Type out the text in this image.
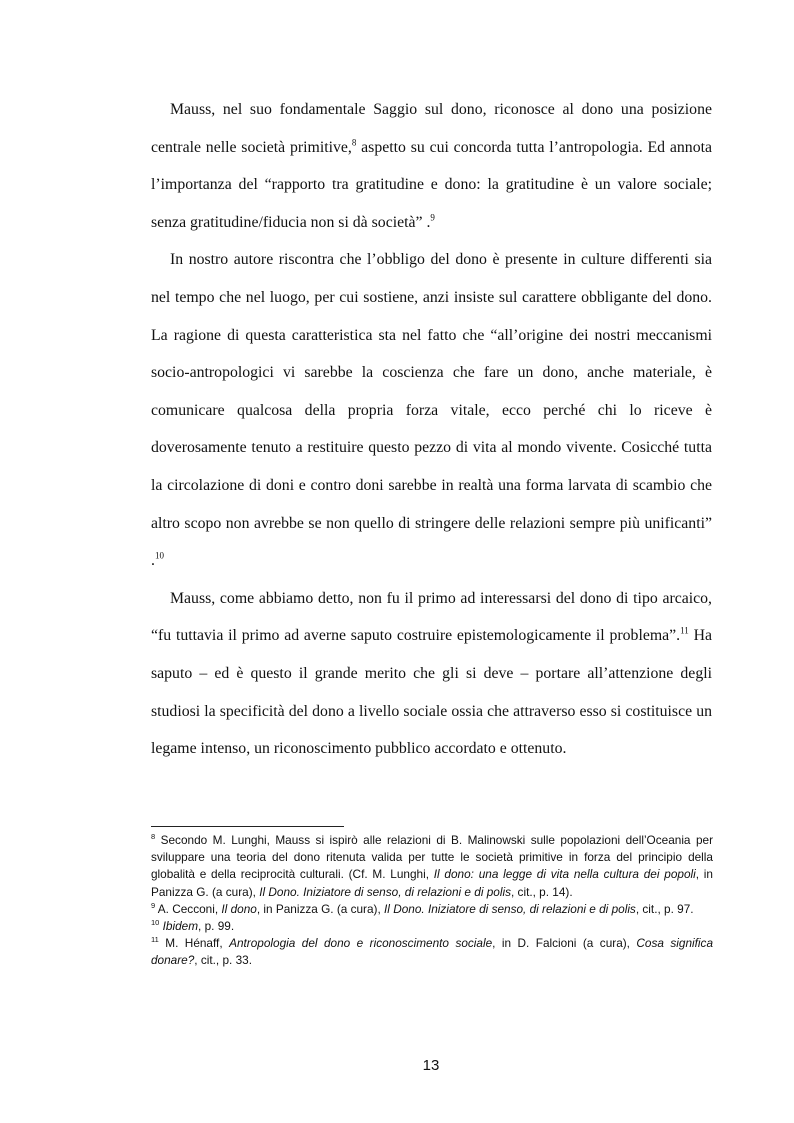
Mauss, nel suo fondamentale Saggio sul dono, riconosce al dono una posizione centrale nelle società primitive,$^8$ aspetto su cui concorda tutta l’antropologia. Ed annota l’importanza del “rapporto tra gratitudine e dono: la gratitudine è un valore sociale; senza gratitudine/fiducia non si dà società” .$^9$

In nostro autore riscontra che l’obbligo del dono è presente in culture differenti sia nel tempo che nel luogo, per cui sostiene, anzi insiste sul carattere obbligante del dono. La ragione di questa caratteristica sta nel fatto che “all’origine dei nostri meccanismi socio-antropologici vi sarebbe la coscienza che fare un dono, anche materiale, è comunicare qualcosa della propria forza vitale, ecco perché chi lo riceve è doverosamente tenuto a restituire questo pezzo di vita al mondo vivente. Cosicché tutta la circolazione di doni e contro doni sarebbe in realtà una forma larvata di scambio che altro scopo non avrebbe se non quello di stringere delle relazioni sempre più unificanti” .$^{10}$

Mauss, come abbiamo detto, non fu il primo ad interessarsi del dono di tipo arcaico, “fu tuttavia il primo ad averne saputo costruire epistemologicamente il problema”.$^{11}$ Ha saputo – ed è questo il grande merito che gli si deve – portare all’attenzione degli studiosi la specificità del dono a livello sociale ossia che attraverso esso si costituisce un legame intenso, un riconoscimento pubblico accordato e ottenuto.

$^8$ Secondo M. Lunghi, Mauss si ispirò alle relazioni di B. Malinowski sulle popolazioni dell’Oceania per sviluppare una teoria del dono ritenuta valida per tutte le società primitive in forza del principio della globalità e della reciprocità culturali. (Cf. M. Lunghi, Il dono: una legge di vita nella cultura dei popoli, in Panizza G. (a cura), Il Dono. Iniziatore di senso, di relazioni e di polis, cit., p. 14).

$^9$ A. Cecconi, Il dono, in Panizza G. (a cura), Il Dono. Iniziatore di senso, di relazioni e di polis, cit., p. 97.

$^{10}$ Ibidem, p. 99.

$^{11}$ M. Hénaff, Antropologia del dono e riconoscimento sociale, in D. Falcioni (a cura), Cosa significa donare?, cit., p. 33.

13
